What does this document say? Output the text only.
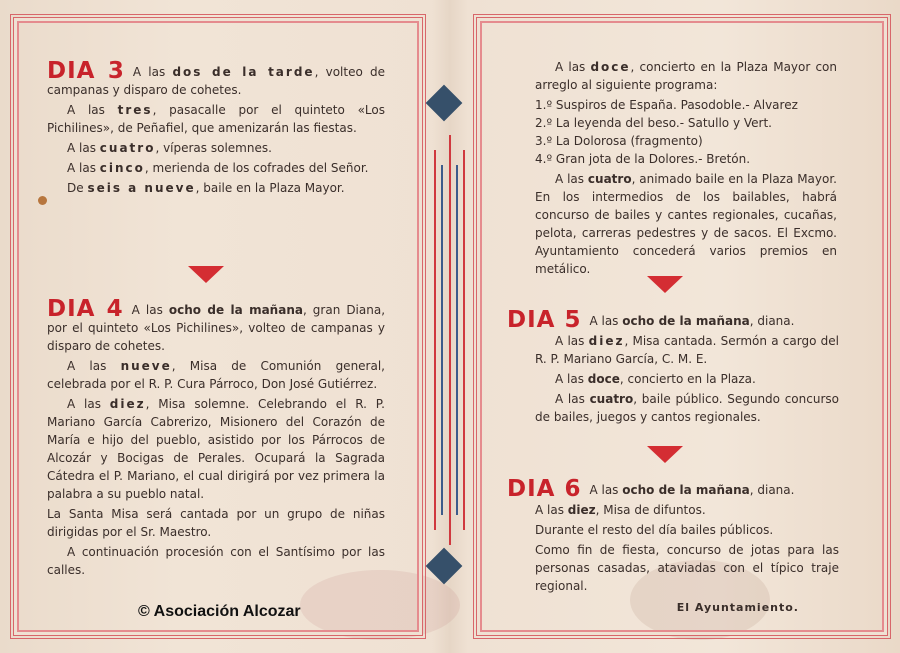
DIA 3 A las dos de la tarde, volteo de campanas y disparo de cohetes.

A las tres, pasacalle por el quinteto «Los Pichilines», de Peñafiel, que amenizarán las fiestas.

A las cuatro, víperas solemnes.

A las cinco, merienda de los cofrades del Señor.

De seis a nueve, baile en la Plaza Mayor.

DIA 4 A las ocho de la mañana, gran Diana, por el quinteto «Los Pichilines», volteo de campanas y disparo de cohetes.

A las nueve, Misa de Comunión general, celebrada por el R. P. Cura Párroco, Don José Gutiérrez.

A las diez, Misa solemne. Celebrando el R. P. Mariano García Cabrerizo, Misionero del Corazón de María e hijo del pueblo, asistido por los Párrocos de Alcozár y Bocigas de Perales. Ocupará la Sagrada Cátedra el P. Mariano, el cual dirigirá por vez primera la palabra a su pueblo natal.

La Santa Misa será cantada por un grupo de niñas dirigidas por el Sr. Maestro.

A continuación procesión con el Santísimo por las calles.

A las doce, concierto en la Plaza Mayor con arreglo al siguiente programa:

1.º Suspiros de España. Pasodoble.- Alvarez

2.º La leyenda del beso.- Satullo y Vert.

3.º La Dolorosa (fragmento)

4.º Gran jota de la Dolores.- Bretón.

A las cuatro, animado baile en la Plaza Mayor. En los intermedios de los bailables, habrá concurso de bailes y cantes regionales, cucañas, pelota, carreras pedestres y de sacos. El Excmo. Ayuntamiento concederá varios premios en metálico.

DIA 5 A las ocho de la mañana, diana.

A las diez, Misa cantada. Sermón a cargo del R. P. Mariano García, C. M. E.

A las doce, concierto en la Plaza.

A las cuatro, baile público. Segundo concurso de bailes, juegos y cantos regionales.

DIA 6 A las ocho de la mañana, diana.

A las diez, Misa de difuntos.

Durante el resto del día bailes públicos.

Como fin de fiesta, concurso de jotas para las personas casadas, ataviadas con el típico traje regional.

El Ayuntamiento.

© Asociación Alcozar
